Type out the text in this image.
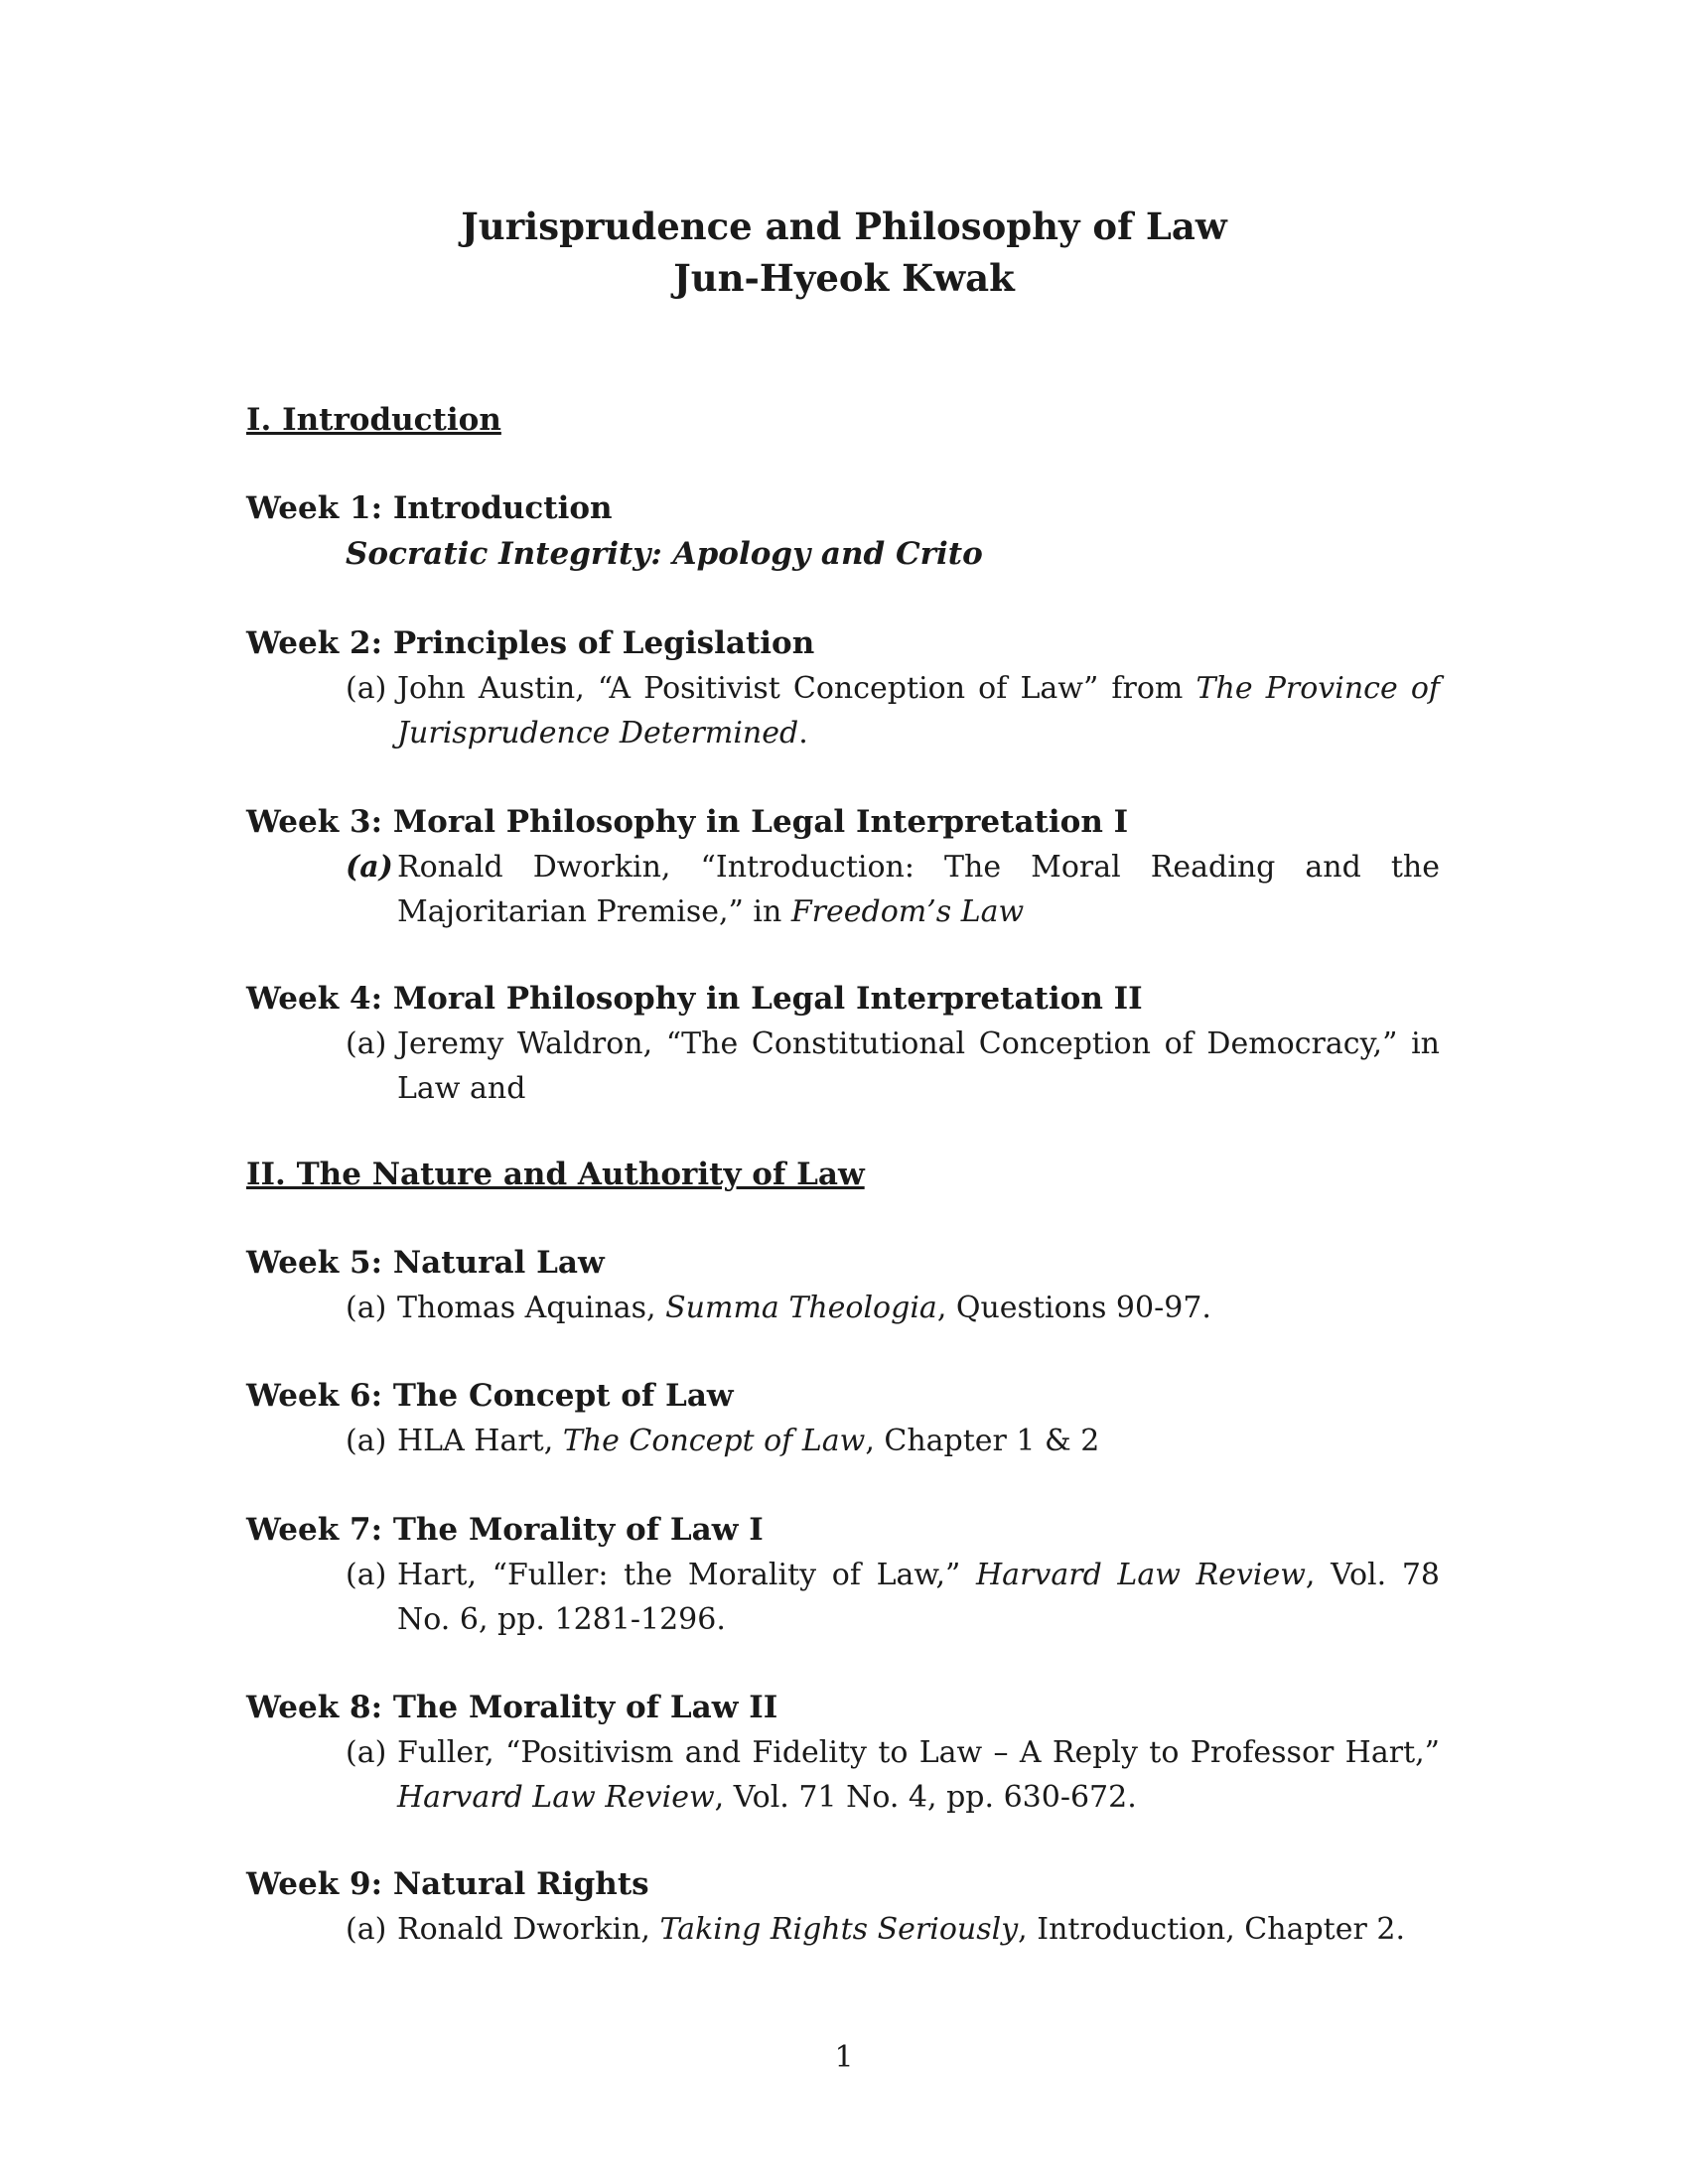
Jurisprudence and Philosophy of Law
Jun-Hyeok Kwak
I. Introduction
Week 1: Introduction
Socratic Integrity: Apology and Crito
Week 2: Principles of Legislation
(a) John Austin, “A Positivist Conception of Law” from The Province of Jurisprudence Determined.
Week 3: Moral Philosophy in Legal Interpretation I
(a) Ronald Dworkin, “Introduction: The Moral Reading and the Majoritarian Premise,” in Freedom’s Law
Week 4: Moral Philosophy in Legal Interpretation II
(a) Jeremy Waldron, “The Constitutional Conception of Democracy,” in Law and
II. The Nature and Authority of Law
Week 5: Natural Law
(a) Thomas Aquinas, Summa Theologia, Questions 90-97.
Week 6: The Concept of Law
(a) HLA Hart, The Concept of Law, Chapter 1 & 2
Week 7: The Morality of Law I
(a) Hart, “Fuller: the Morality of Law,” Harvard Law Review, Vol. 78 No. 6, pp. 1281-1296.
Week 8: The Morality of Law II
(a) Fuller, “Positivism and Fidelity to Law – A Reply to Professor Hart,” Harvard Law Review, Vol. 71 No. 4, pp. 630-672.
Week 9: Natural Rights
(a) Ronald Dworkin, Taking Rights Seriously, Introduction, Chapter 2.
1
